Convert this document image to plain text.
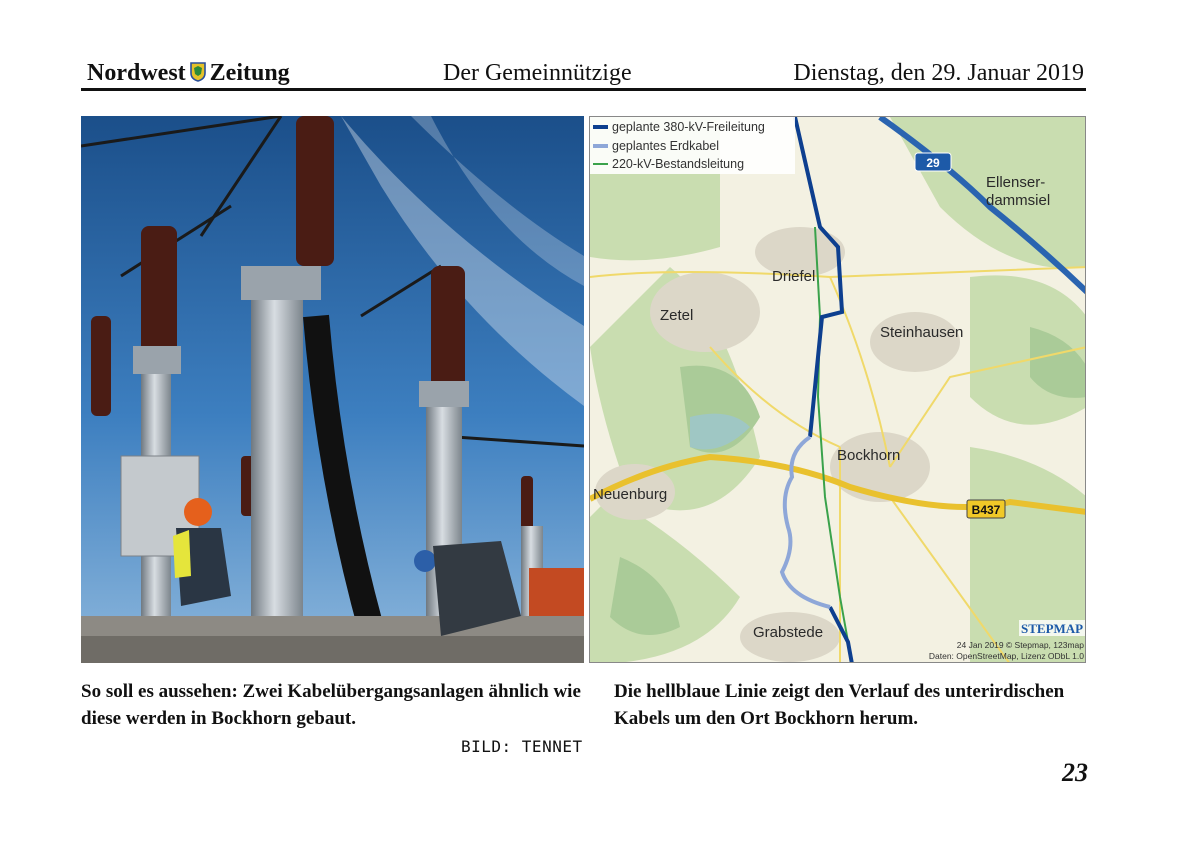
Nordwest Zeitung	Der Gemeinnützige	Dienstag, den 29. Januar 2019
geplante 380-kV-Freileitung
geplantes Erdkabel
220-kV-Bestandsleitung	29
B437
Ellenser-
dammsiel
Driefel
Zetel
Steinhausen
Bockhorn
Neuenburg
Grabstede	STEPMAP
24 Jan 2019 © Stepmap, 123map
Daten: OpenStreetMap, Lizenz ODbL 1.0
So soll es aussehen: Zwei Kabelübergangsanlagen ähnlich wie diese werden in Bockhorn gebaut.
BILD: TENNET
Die hellblaue Linie zeigt den Verlauf des unterirdischen Kabels um den Ort Bockhorn herum.
23
